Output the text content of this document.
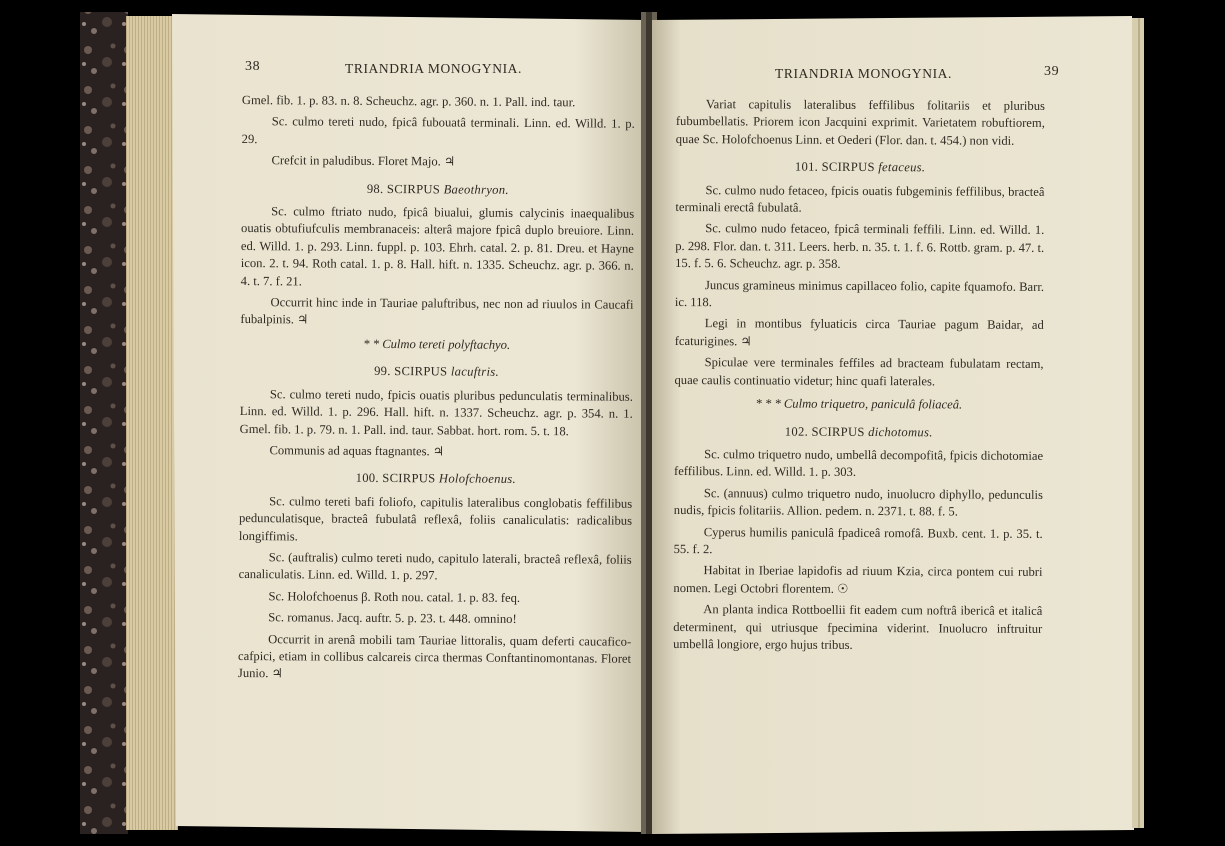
38	TRIANDRIA MONOGYNIA.	TRIANDRIA MONOGYNIA.	39

Gmel. fib. 1. p. 83. n. 8. Scheuchz. agr. p. 360. n. 1. Pall. ind. taur.

Sc. culmo tereti nudo, fpicâ fubouatâ terminali. Linn. ed. Willd. 1. p. 29.

Crefcit in paludibus. Floret Majo. ♃

98. SCIRPUS Baeothryon.

Sc. culmo ftriato nudo, fpicâ biualui, glumis calycinis inaequalibus ouatis obtufiufculis membranaceis: alterâ majore fpicâ duplo breuiore. Linn. ed. Willd. 1. p. 293. Linn. fuppl. p. 103. Ehrh. catal. 2. p. 81. Dreu. et Hayne icon. 2. t. 94. Roth catal. 1. p. 8. Hall. hift. n. 1335. Scheuchz. agr. p. 366. n. 4. t. 7. f. 21.

Occurrit hinc inde in Tauriae paluftribus, nec non ad riuulos in Caucafi fubalpinis. ♃

* * Culmo tereti polyftachyo.

99. SCIRPUS lacuftris.

Sc. culmo tereti nudo, fpicis ouatis pluribus pedunculatis terminalibus. Linn. ed. Willd. 1. p. 296. Hall. hift. n. 1337. Scheuchz. agr. p. 354. n. 1. Gmel. fib. 1. p. 79. n. 1. Pall. ind. taur. Sabbat. hort. rom. 5. t. 18.

Communis ad aquas ftagnantes. ♃

100. SCIRPUS Holofchoenus.

Sc. culmo tereti bafi foliofo, capitulis lateralibus conglobatis feffilibus pedunculatisque, bracteâ fubulatâ reflexâ, foliis canaliculatis: radicalibus longiffimis.

Sc. (auftralis) culmo tereti nudo, capitulo laterali, bracteâ reflexâ, foliis canaliculatis. Linn. ed. Willd. 1. p. 297.

Sc. Holofchoenus β. Roth nou. catal. 1. p. 83. feq.

Sc. romanus. Jacq. auftr. 5. p. 23. t. 448. omnino!

Occurrit in arenâ mobili tam Tauriae littoralis, quam deferti caucafico-cafpici, etiam in collibus calcareis circa thermas Conftantinomontanas. Floret Junio. ♃

Variat capitulis lateralibus feffilibus folitariis et pluribus fubumbellatis. Priorem icon Jacquini exprimit. Varietatem robuftiorem, quae Sc. Holofchoenus Linn. et Oederi (Flor. dan. t. 454.) non vidi.

101. SCIRPUS fetaceus.

Sc. culmo nudo fetaceo, fpicis ouatis fubgeminis feffilibus, bracteâ terminali erectâ fubulatâ.

Sc. culmo nudo fetaceo, fpicâ terminali feffili. Linn. ed. Willd. 1. p. 298. Flor. dan. t. 311. Leers. herb. n. 35. t. 1. f. 6. Rottb. gram. p. 47. t. 15. f. 5. 6. Scheuchz. agr. p. 358.

Juncus gramineus minimus capillaceo folio, capite fquamofo. Barr. ic. 118.

Legi in montibus fyluaticis circa Tauriae pagum Baidar, ad fcaturigines. ♃

Spiculae vere terminales feffiles ad bracteam fubulatam rectam, quae caulis continuatio videtur; hinc quafi laterales.

* * * Culmo triquetro, paniculâ foliaceâ.

102. SCIRPUS dichotomus.

Sc. culmo triquetro nudo, umbellâ decompofitâ, fpicis dichotomiae feffilibus. Linn. ed. Willd. 1. p. 303.

Sc. (annuus) culmo triquetro nudo, inuolucro diphyllo, pedunculis nudis, fpicis folitariis. Allion. pedem. n. 2371. t. 88. f. 5.

Cyperus humilis paniculâ fpadiceâ romofâ. Buxb. cent. 1. p. 35. t. 55. f. 2.

Habitat in Iberiae lapidofis ad riuum Kzia, circa pontem cui rubri nomen. Legi Octobri florentem. ☉

An planta indica Rottboellii fit eadem cum noftrâ ibericâ et italicâ determinent, qui utriusque fpecimina viderint. Inuolucro inftruitur umbellâ longiore, ergo hujus tribus.
